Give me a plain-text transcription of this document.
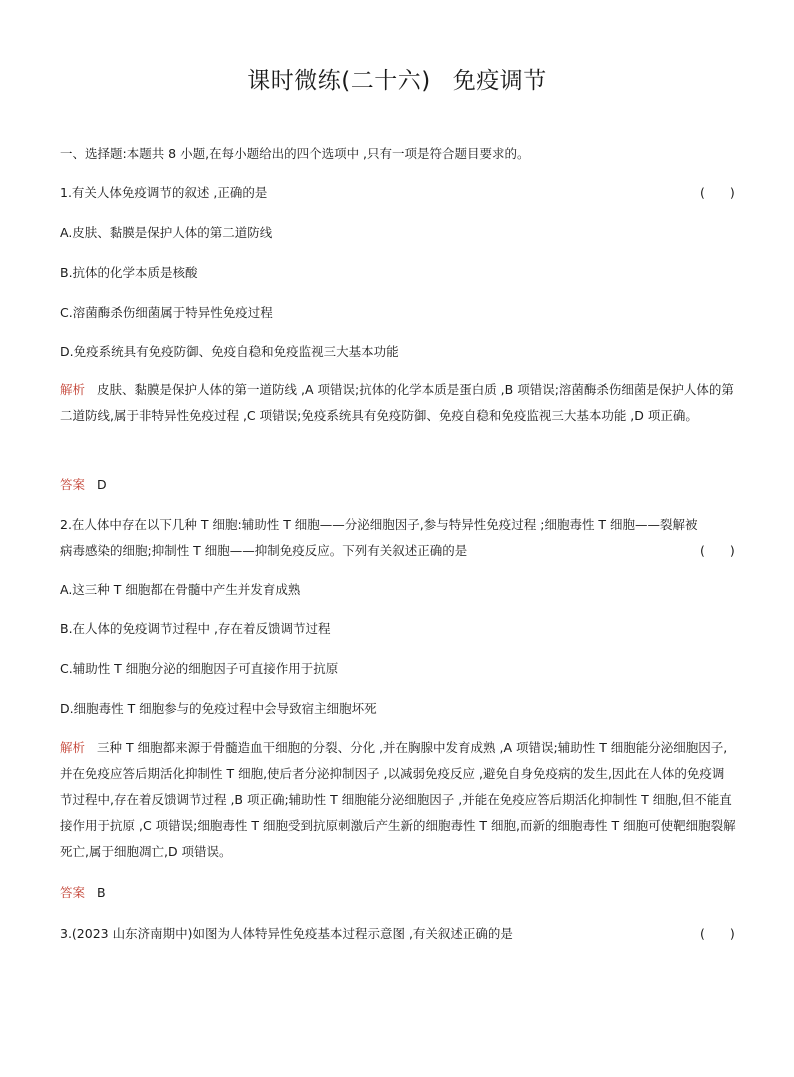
课时微练(二十六) 免疫调节
一、选择题:本题共 8 小题,在每小题给出的四个选项中 ,只有一项是符合题目要求的。
1.有关人体免疫调节的叙述 ,正确的是	(　　)
A.皮肤、黏膜是保护人体的第二道防线
B.抗体的化学本质是核酸
C.溶菌酶杀伤细菌属于特异性免疫过程
D.免疫系统具有免疫防御、免疫自稳和免疫监视三大基本功能
解析 皮肤、黏膜是保护人体的第一道防线 ,A 项错误;抗体的化学本质是蛋白质 ,B 项错误;溶菌酶杀伤细菌是保护人体的第二道防线,属于非特异性免疫过程 ,C 项错误;免疫系统具有免疫防御、免疫自稳和免疫监视三大基本功能 ,D 项正确。
答案 D
2.在人体中存在以下几种 T 细胞:辅助性 T 细胞——分泌细胞因子,参与特异性免疫过程 ;细胞毒性 T 细胞——裂解被
病毒感染的细胞;抑制性 T 细胞——抑制免疫反应。下列有关叙述正确的是	(　　)
A.这三种 T 细胞都在骨髓中产生并发育成熟
B.在人体的免疫调节过程中 ,存在着反馈调节过程
C.辅助性 T 细胞分泌的细胞因子可直接作用于抗原
D.细胞毒性 T 细胞参与的免疫过程中会导致宿主细胞坏死
解析 三种 T 细胞都来源于骨髓造血干细胞的分裂、分化 ,并在胸腺中发育成熟 ,A 项错误;辅助性 T 细胞能分泌细胞因子,并在免疫应答后期活化抑制性 T 细胞,使后者分泌抑制因子 ,以减弱免疫反应 ,避免自身免疫病的发生,因此在人体的免疫调节过程中,存在着反馈调节过程 ,B 项正确;辅助性 T 细胞能分泌细胞因子 ,并能在免疫应答后期活化抑制性 T 细胞,但不能直接作用于抗原 ,C 项错误;细胞毒性 T 细胞受到抗原刺激后产生新的细胞毒性 T 细胞,而新的细胞毒性 T 细胞可使靶细胞裂解死亡,属于细胞凋亡,D 项错误。
答案 B
3.(2023 山东济南期中)如图为人体特异性免疫基本过程示意图 ,有关叙述正确的是	(　　)
